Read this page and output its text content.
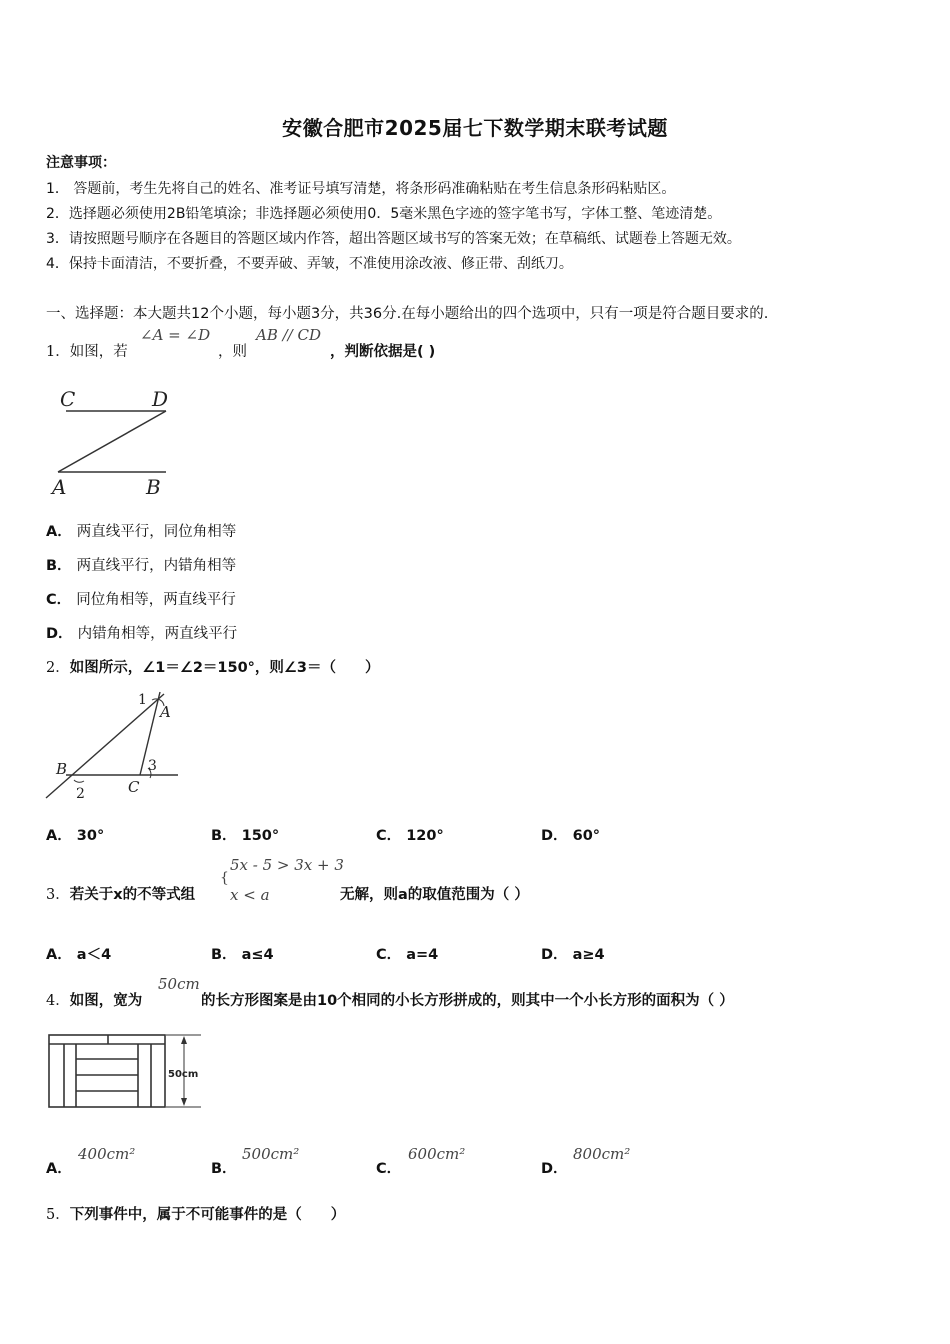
安徽合肥市2025届七下数学期末联考试题
注意事项：
1． 答题前，考生先将自己的姓名、准考证号填写清楚，将条形码准确粘贴在考生信息条形码粘贴区。
2．选择题必须使用2B铅笔填涂；非选择题必须使用0．5毫米黑色字迹的签字笔书写，字体工整、笔迹清楚。
3．请按照题号顺序在各题目的答题区域内作答，超出答题区域书写的答案无效；在草稿纸、试题卷上答题无效。
4．保持卡面清洁，不要折叠，不要弄破、弄皱，不准使用涂改液、修正带、刮纸刀。
一、选择题：本大题共12个小题，每小题3分，共36分.在每小题给出的四个选项中，只有一项是符合题目要求的.
1．如图，若
∠A = ∠D
，则
AB // CD
，判断依据是( )
C	D
A	B
A． 两直线平行，同位角相等
B． 两直线平行，内错角相等
C． 同位角相等，两直线平行
D． 内错角相等，两直线平行
2．如图所示，∠1＝∠2＝150°，则∠3＝（　　）
1
A
B
2	C
3
A． 30°	B． 150°	C． 120°	D． 60°
3．若关于x的不等式组
{
5x - 5 > 3x + 3
x < a	无解，则a的取值范围为（ ）
A． a＜4	B． a≤4	C． a=4	D． a≥4
4．如图，宽为
50cm
的长方形图案是由10个相同的小长方形拼成的，则其中一个小长方形的面积为（ ）
50cm
A．
400cm²
B．
500cm²
C．
600cm²
D．
800cm²
5．下列事件中，属于不可能事件的是（　　）
